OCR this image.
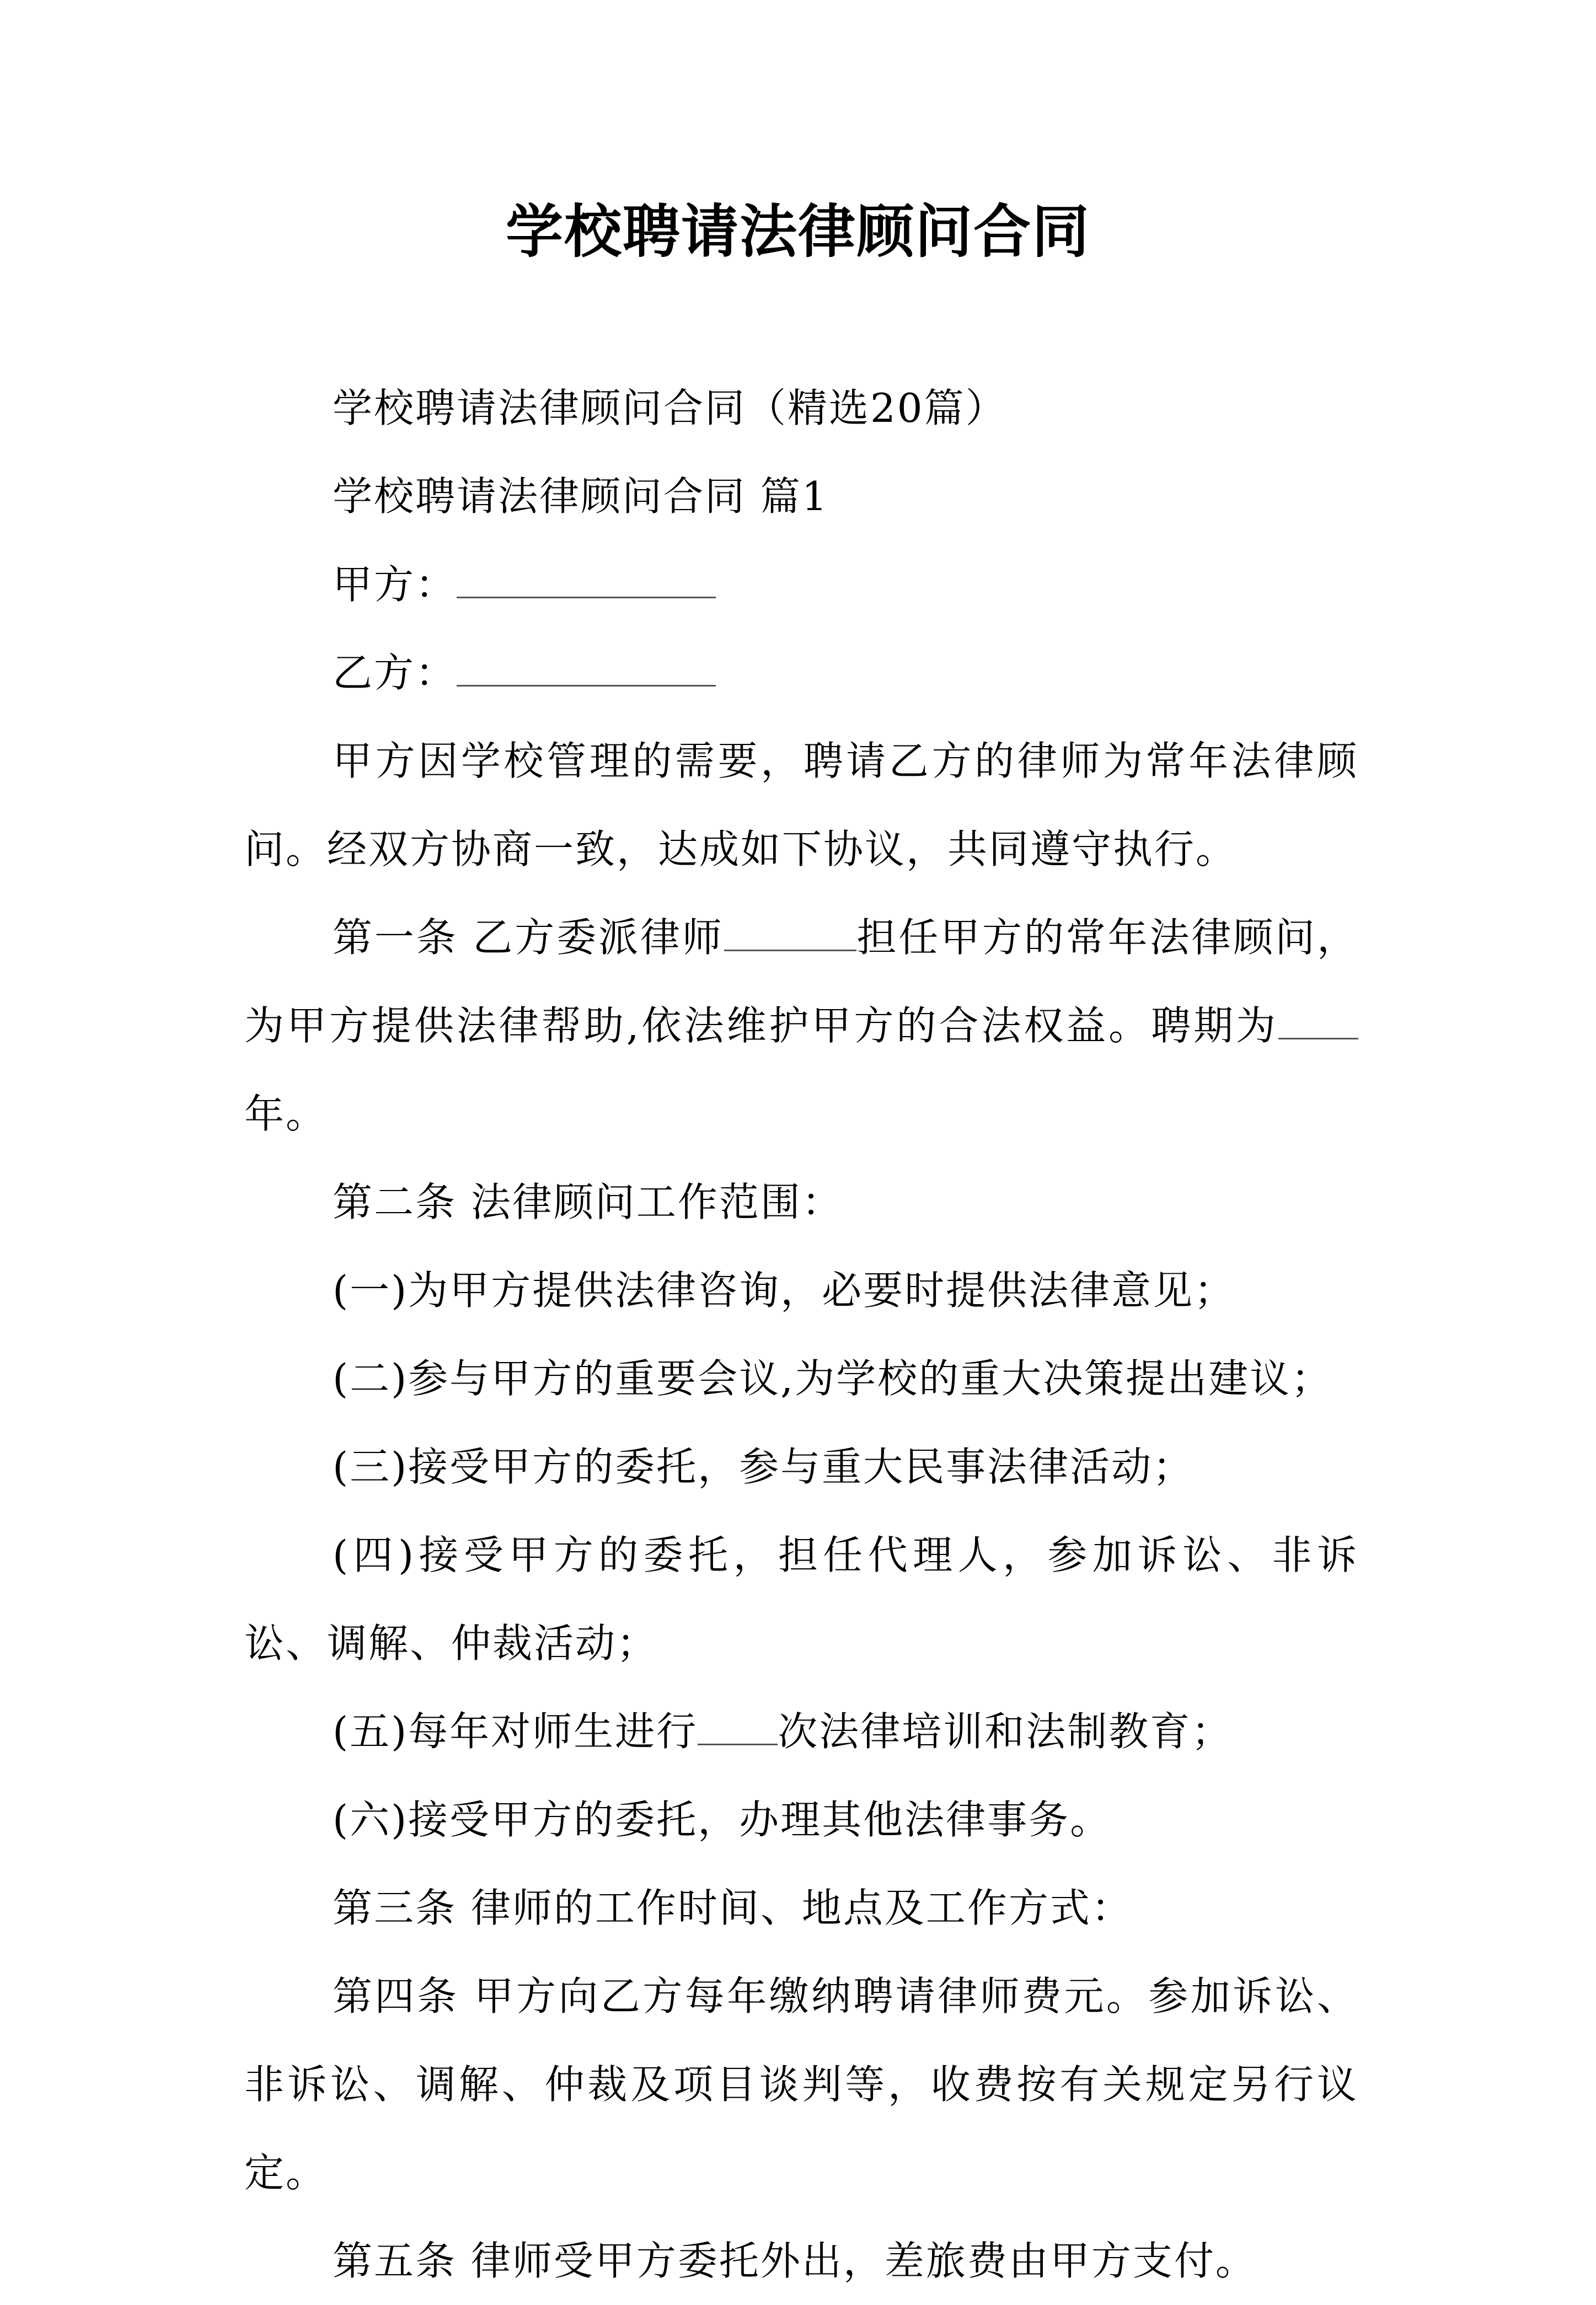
学校聘请法律顾问合同

学校聘请法律顾问合同（精选20篇）

学校聘请法律顾问合同 篇1

甲方：

乙方：

甲方因学校管理的需要，聘请乙方的律师为常年法律顾问。经双方协商一致，达成如下协议，共同遵守执行。

第一条 乙方委派律师	担任甲方的常年法律顾问，为甲方提供法律帮助,依法维护甲方的合法权益。聘期为年。

第二条 法律顾问工作范围：

(一)为甲方提供法律咨询，必要时提供法律意见；

(二)参与甲方的重要会议,为学校的重大决策提出建议；

(三)接受甲方的委托，参与重大民事法律活动；

(四)接受甲方的委托，担任代理人，参加诉讼、非诉讼、调解、仲裁活动；

(五)每年对师生进行 次法律培训和法制教育；

(六)接受甲方的委托，办理其他法律事务。

第三条 律师的工作时间、地点及工作方式：

第四条 甲方向乙方每年缴纳聘请律师费元。参加诉讼、非诉讼、调解、仲裁及项目谈判等，收费按有关规定另行议定。

第五条 律师受甲方委托外出，差旅费由甲方支付。
